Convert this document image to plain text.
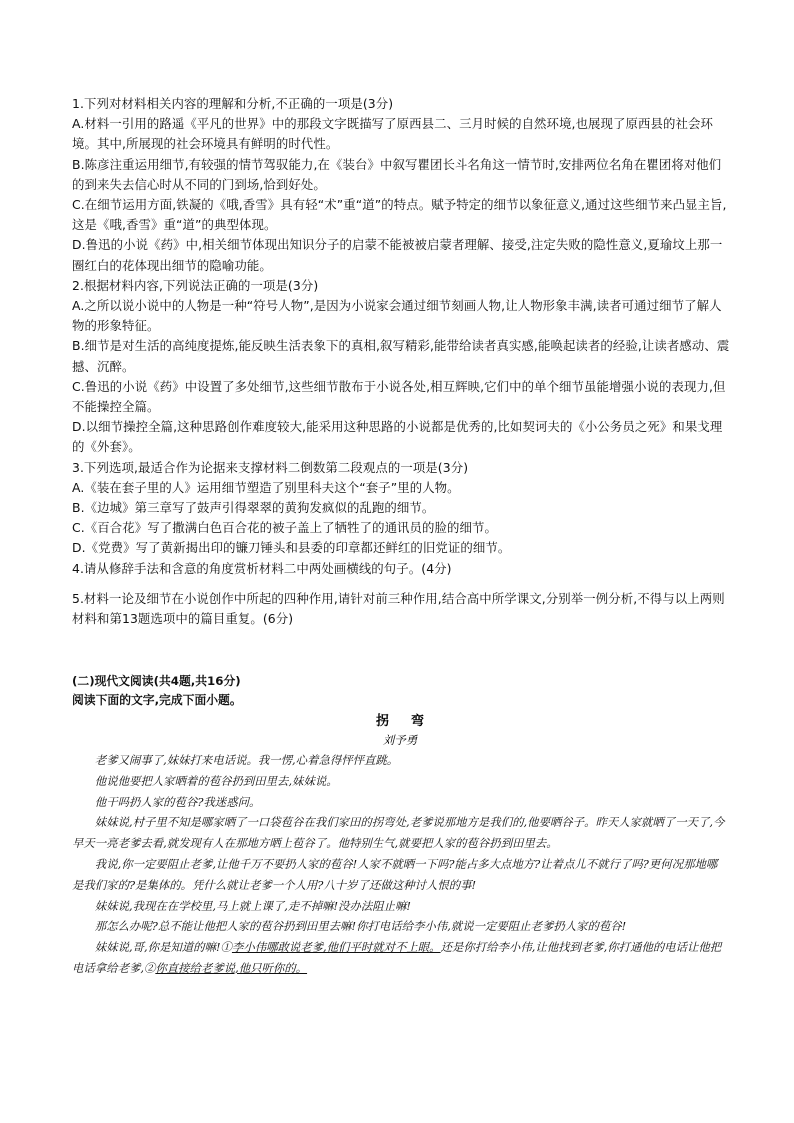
1.下列对材料相关内容的理解和分析,不正确的一项是(3分)

A.材料一引用的路遥《平凡的世界》中的那段文字既描写了原西县二、三月时候的自然环境,也展现了原西县的社会环境。其中,所展现的社会环境具有鲜明的时代性。

B.陈彦注重运用细节,有较强的情节驾驭能力,在《装台》中叙写瞿团长斗名角这一情节时,安排两位名角在瞿团将对他们的到来失去信心时从不同的门到场,恰到好处。

C.在细节运用方面,铁凝的《哦,香雪》具有轻“术”重“道”的特点。赋予特定的细节以象征意义,通过这些细节来凸显主旨,这是《哦,香雪》重“道”的典型体现。

D.鲁迅的小说《药》中,相关细节体现出知识分子的启蒙不能被被启蒙者理解、接受,注定失败的隐性意义,夏瑜坟上那一圈红白的花体现出细节的隐喻功能。

2.根据材料内容,下列说法正确的一项是(3分)

A.之所以说小说中的人物是一种“符号人物”,是因为小说家会通过细节刻画人物,让人物形象丰满,读者可通过细节了解人物的形象特征。

B.细节是对生活的高纯度提炼,能反映生活表象下的真相,叙写精彩,能带给读者真实感,能唤起读者的经验,让读者感动、震撼、沉醉。

C.鲁迅的小说《药》中设置了多处细节,这些细节散布于小说各处,相互辉映,它们中的单个细节虽能增强小说的表现力,但不能操控全篇。

D.以细节操控全篇,这种思路创作难度较大,能采用这种思路的小说都是优秀的,比如契诃夫的《小公务员之死》和果戈理的《外套》。

3.下列选项,最适合作为论据来支撑材料二倒数第二段观点的一项是(3分)

A.《装在套子里的人》运用细节塑造了别里科夫这个“套子”里的人物。

B.《边城》第三章写了鼓声引得翠翠的黄狗发疯似的乱跑的细节。

C.《百合花》写了撒满白色百合花的被子盖上了牺牲了的通讯员的脸的细节。

D.《党费》写了黄新揭出印的镰刀锤头和县委的印章都还鲜红的旧党证的细节。

4.请从修辞手法和含意的角度赏析材料二中两处画横线的句子。(4分)

5.材料一论及细节在小说创作中所起的四种作用,请针对前三种作用,结合高中所学课文,分别举一例分析,不得与以上两则材料和第13题选项中的篇目重复。(6分)

(二)现代文阅读(共4题,共16分)

阅读下面的文字,完成下面小题。

拐弯

刘予勇

老爹又闹事了,妹妹打来电话说。我一愣,心着急得怦怦直跳。

他说他要把人家晒着的苞谷扔到田里去,妹妹说。

他干吗扔人家的苞谷?我迷惑问。

妹妹说,村子里不知是哪家晒了一口袋苞谷在我们家田的拐弯处,老爹说那地方是我们的,他要晒谷子。昨天人家就晒了一天了,今早天一亮老爹去看,就发现有人在那地方晒上苞谷了。他特别生气,就要把人家的苞谷扔到田里去。

我说,你一定要阻止老爹,让他千万不要扔人家的苞谷!人家不就晒一下吗?能占多大点地方?让着点儿不就行了吗?更何况那地哪是我们家的?是集体的。凭什么就让老爹一个人用?八十岁了还做这种讨人恨的事!

妹妹说,我现在在学校里,马上就上课了,走不掉嘛!没办法阻止嘛!

那怎么办呢?总不能让他把人家的苞谷扔到田里去嘛!你打电话给李小伟,就说一定要阻止老爹扔人家的苞谷!

妹妹说,哥,你是知道的嘛!①李小伟哪敢说老爹,他们平时就对不上眼。还是你打给李小伟,让他找到老爹,你打通他的电话让他把电话拿给老爹,②你直接给老爹说,他只听你的。
